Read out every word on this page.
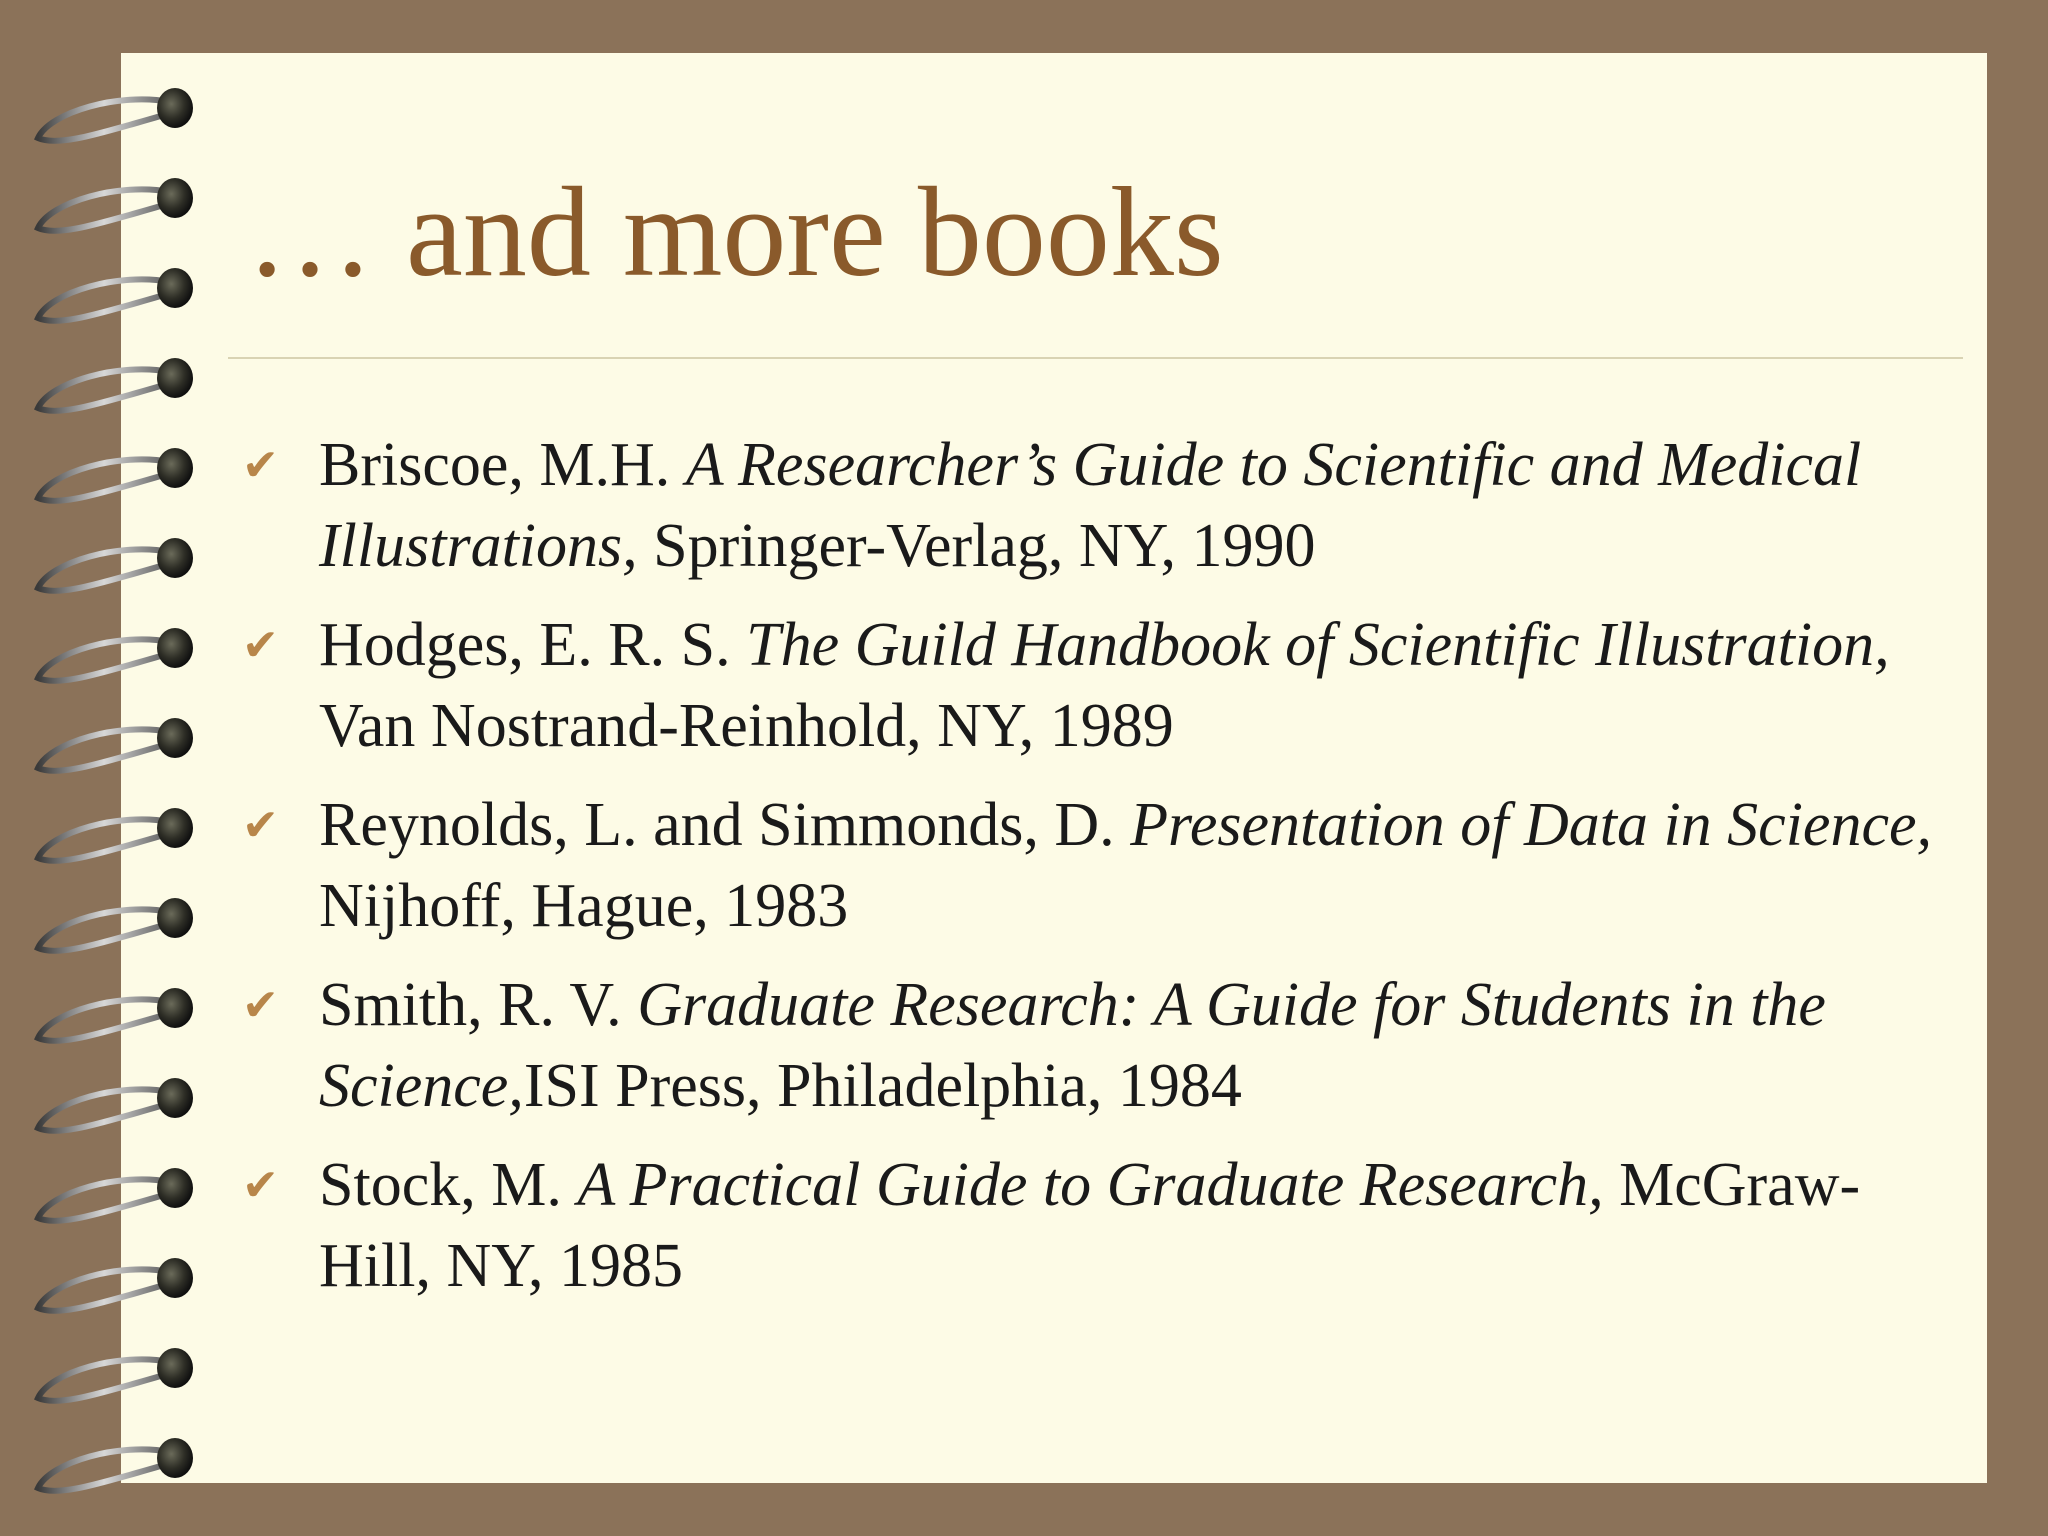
… and more books
✔ Briscoe, M.H. A Researcher’s Guide to Scientific and Medical Illustrations, Springer-Verlag, NY, 1990
✔ Hodges, E. R. S. The Guild Handbook of Scientific Illustration, Van Nostrand-Reinhold, NY, 1989
✔ Reynolds, L. and Simmonds, D. Presentation of Data in Science, Nijhoff, Hague, 1983
✔ Smith, R. V. Graduate Research: A Guide for Students in the Science,ISI Press, Philadelphia, 1984
✔ Stock, M. A Practical Guide to Graduate Research, McGraw-Hill, NY, 1985
